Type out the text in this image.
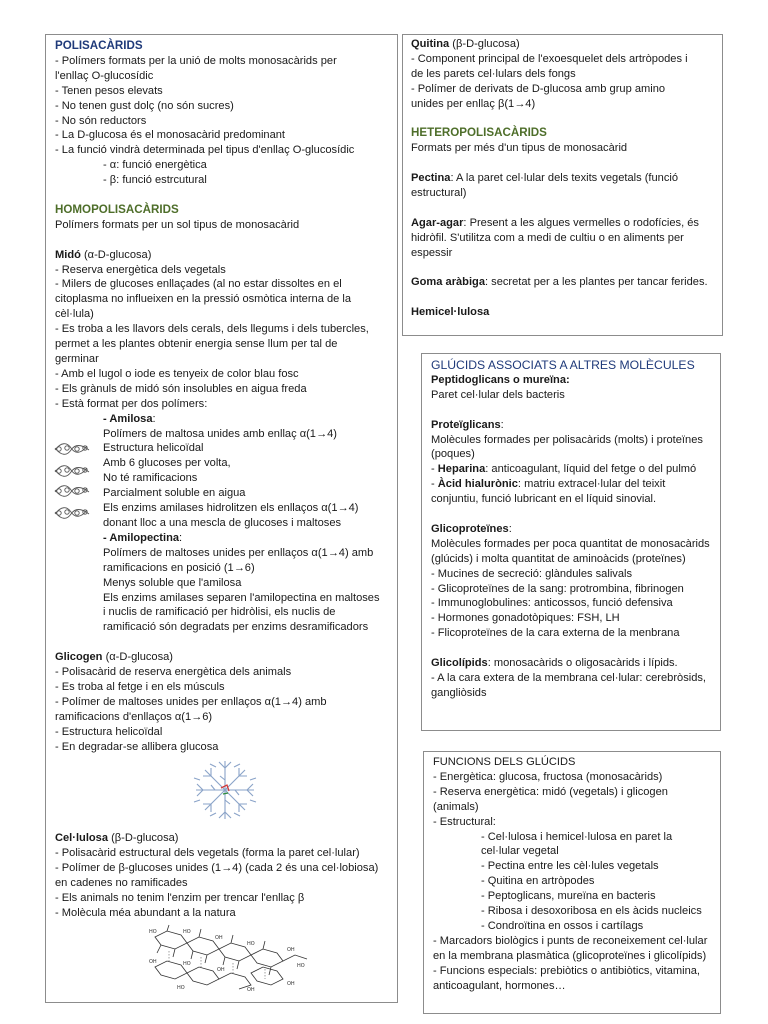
POLISACÀRIDS
- Polímers formats per la unió de molts monosacàrids per
l'enllaç O-glucosídic
- Tenen pesos elevats
- No tenen gust dolç (no són sucres)
- No són reductors
- La D-glucosa és el monosacàrid predominant
- La funció vindrà determinada pel tipus d'enllaç O-glucosídic
- α: funció energètica
- β: funció estrcutural
HOMOPOLISACÀRIDS
Polímers formats per un sol tipus de monosacàrid
Midó (α-D-glucosa)
- Reserva energètica dels vegetals
- Milers de glucoses enllaçades (al no estar dissoltes en el
citoplasma no influeixen en la pressió osmòtica interna de la
cèl·lula)
- Es troba a les llavors dels cerals, dels llegums i dels tubercles,
permet a les plantes obtenir energia sense llum per tal de
germinar
- Amb el lugol o iode es tenyeix de color blau fosc
- Els grànuls de midó són insolubles en aigua freda
- Està format per dos polímers:
- Amilosa:
Polímers de maltosa unides amb enllaç α(1→4)
Estructura helicoïdal
Amb 6 glucoses per volta,
No té ramificacions
Parcialment soluble en aigua
Els enzims amilases hidrolitzen els enllaços α(1→4)
donant lloc a una mescla de glucoses i maltoses
- Amilopectina:
Polímers de maltoses unides per enllaços α(1→4) amb
ramificacions en posició (1→6)
Menys soluble que l'amilosa
Els enzims amilases separen l'amilopectina en maltoses
i nuclis de ramificació per hidròlisi, els nuclis de
ramificació són degradats per enzims desramificadors
Glicogen (α-D-glucosa)
- Polisacàrid de reserva energètica dels animals
- Es troba al fetge i en els músculs
- Polímer de maltoses unides per enllaços α(1→4) amb
ramificacions d'enllaços α(1→6)
- Estructura helicoïdal
- En degradar-se allibera glucosa
Cel·lulosa (β-D-glucosa)
- Polisacàrid estructural dels vegetals (forma la paret cel·lular)
- Polímer de β-glucoses unides (1→4) (cada 2 és una cel·lobiosa)
en cadenes no ramificades
- Els animals no tenim l'enzim per trencar l'enllaç β
- Molècula méa abundant a la natura
HO	HO
OH
HO
OH
OH	HO
OH
HO
OH
HO	OH
Quitina (β-D-glucosa)
- Component principal de l'exoesquelet dels artròpodes i
de les parets cel·lulars dels fongs
- Polímer de derivats de D-glucosa amb grup amino
unides per enllaç β(1→4)
HETEROPOLISACÀRIDS
Formats per més d'un tipus de monosacàrid
Pectina: A la paret cel·lular dels texits vegetals (funció estructural)
Agar-agar: Present a les algues vermelles o rodofícies, és hidròfil. S'utilitza com a medi de cultiu o en aliments per espessir
Goma aràbiga: secretat per a les plantes per tancar ferides.
Hemicel·lulosa
GLÚCIDS ASSOCIATS A ALTRES MOLÈCULES
Peptidoglicans o mureïna:
Paret cel·lular dels bacteris
Proteïglicans:
Molècules formades per polisacàrids (molts) i proteïnes (poques)
- Heparina: anticoagulant, líquid del fetge o del pulmó
- Àcid hialurònic: matriu extracel·lular del teixit conjuntiu, funció lubricant en el líquid sinovial.
Glicoproteïnes:
Molècules formades per poca quantitat de monosacàrids (glúcids) i molta quantitat de aminoàcids (proteïnes)
- Mucines de secreció: glàndules salivals
- Glicoproteïnes de la sang: protrombina, fibrinogen
- Immunoglobulines: anticossos, funció defensiva
- Hormones gonadotòpiques: FSH, LH
- Flicoproteïnes de la cara externa de la menbrana
Glicolípids: monosacàrids o oligosacàrids i lípids.
- A la cara extera de la membrana cel·lular: cerebròsids, gangliòsids
FUNCIONS DELS GLÚCIDS
- Energètica: glucosa, fructosa (monosacàrids)
- Reserva energètica: midó (vegetals) i glicogen (animals)
- Estructural:
- Cel·lulosa i hemicel·lulosa en paret la cel·lular vegetal
- Pectina entre les cèl·lules vegetals
- Quitina en artròpodes
- Peptoglicans, mureïna en bacteris
- Ribosa i desoxoribosa en els àcids nucleics
- Condroïtina en ossos i cartílags
- Marcadors biològics i punts de reconeixement cel·lular en la membrana plasmàtica (glicoproteïnes i glicolípids)
- Funcions especials: prebiòtics o antibiòtics, vitamina, anticoagulant, hormones…
